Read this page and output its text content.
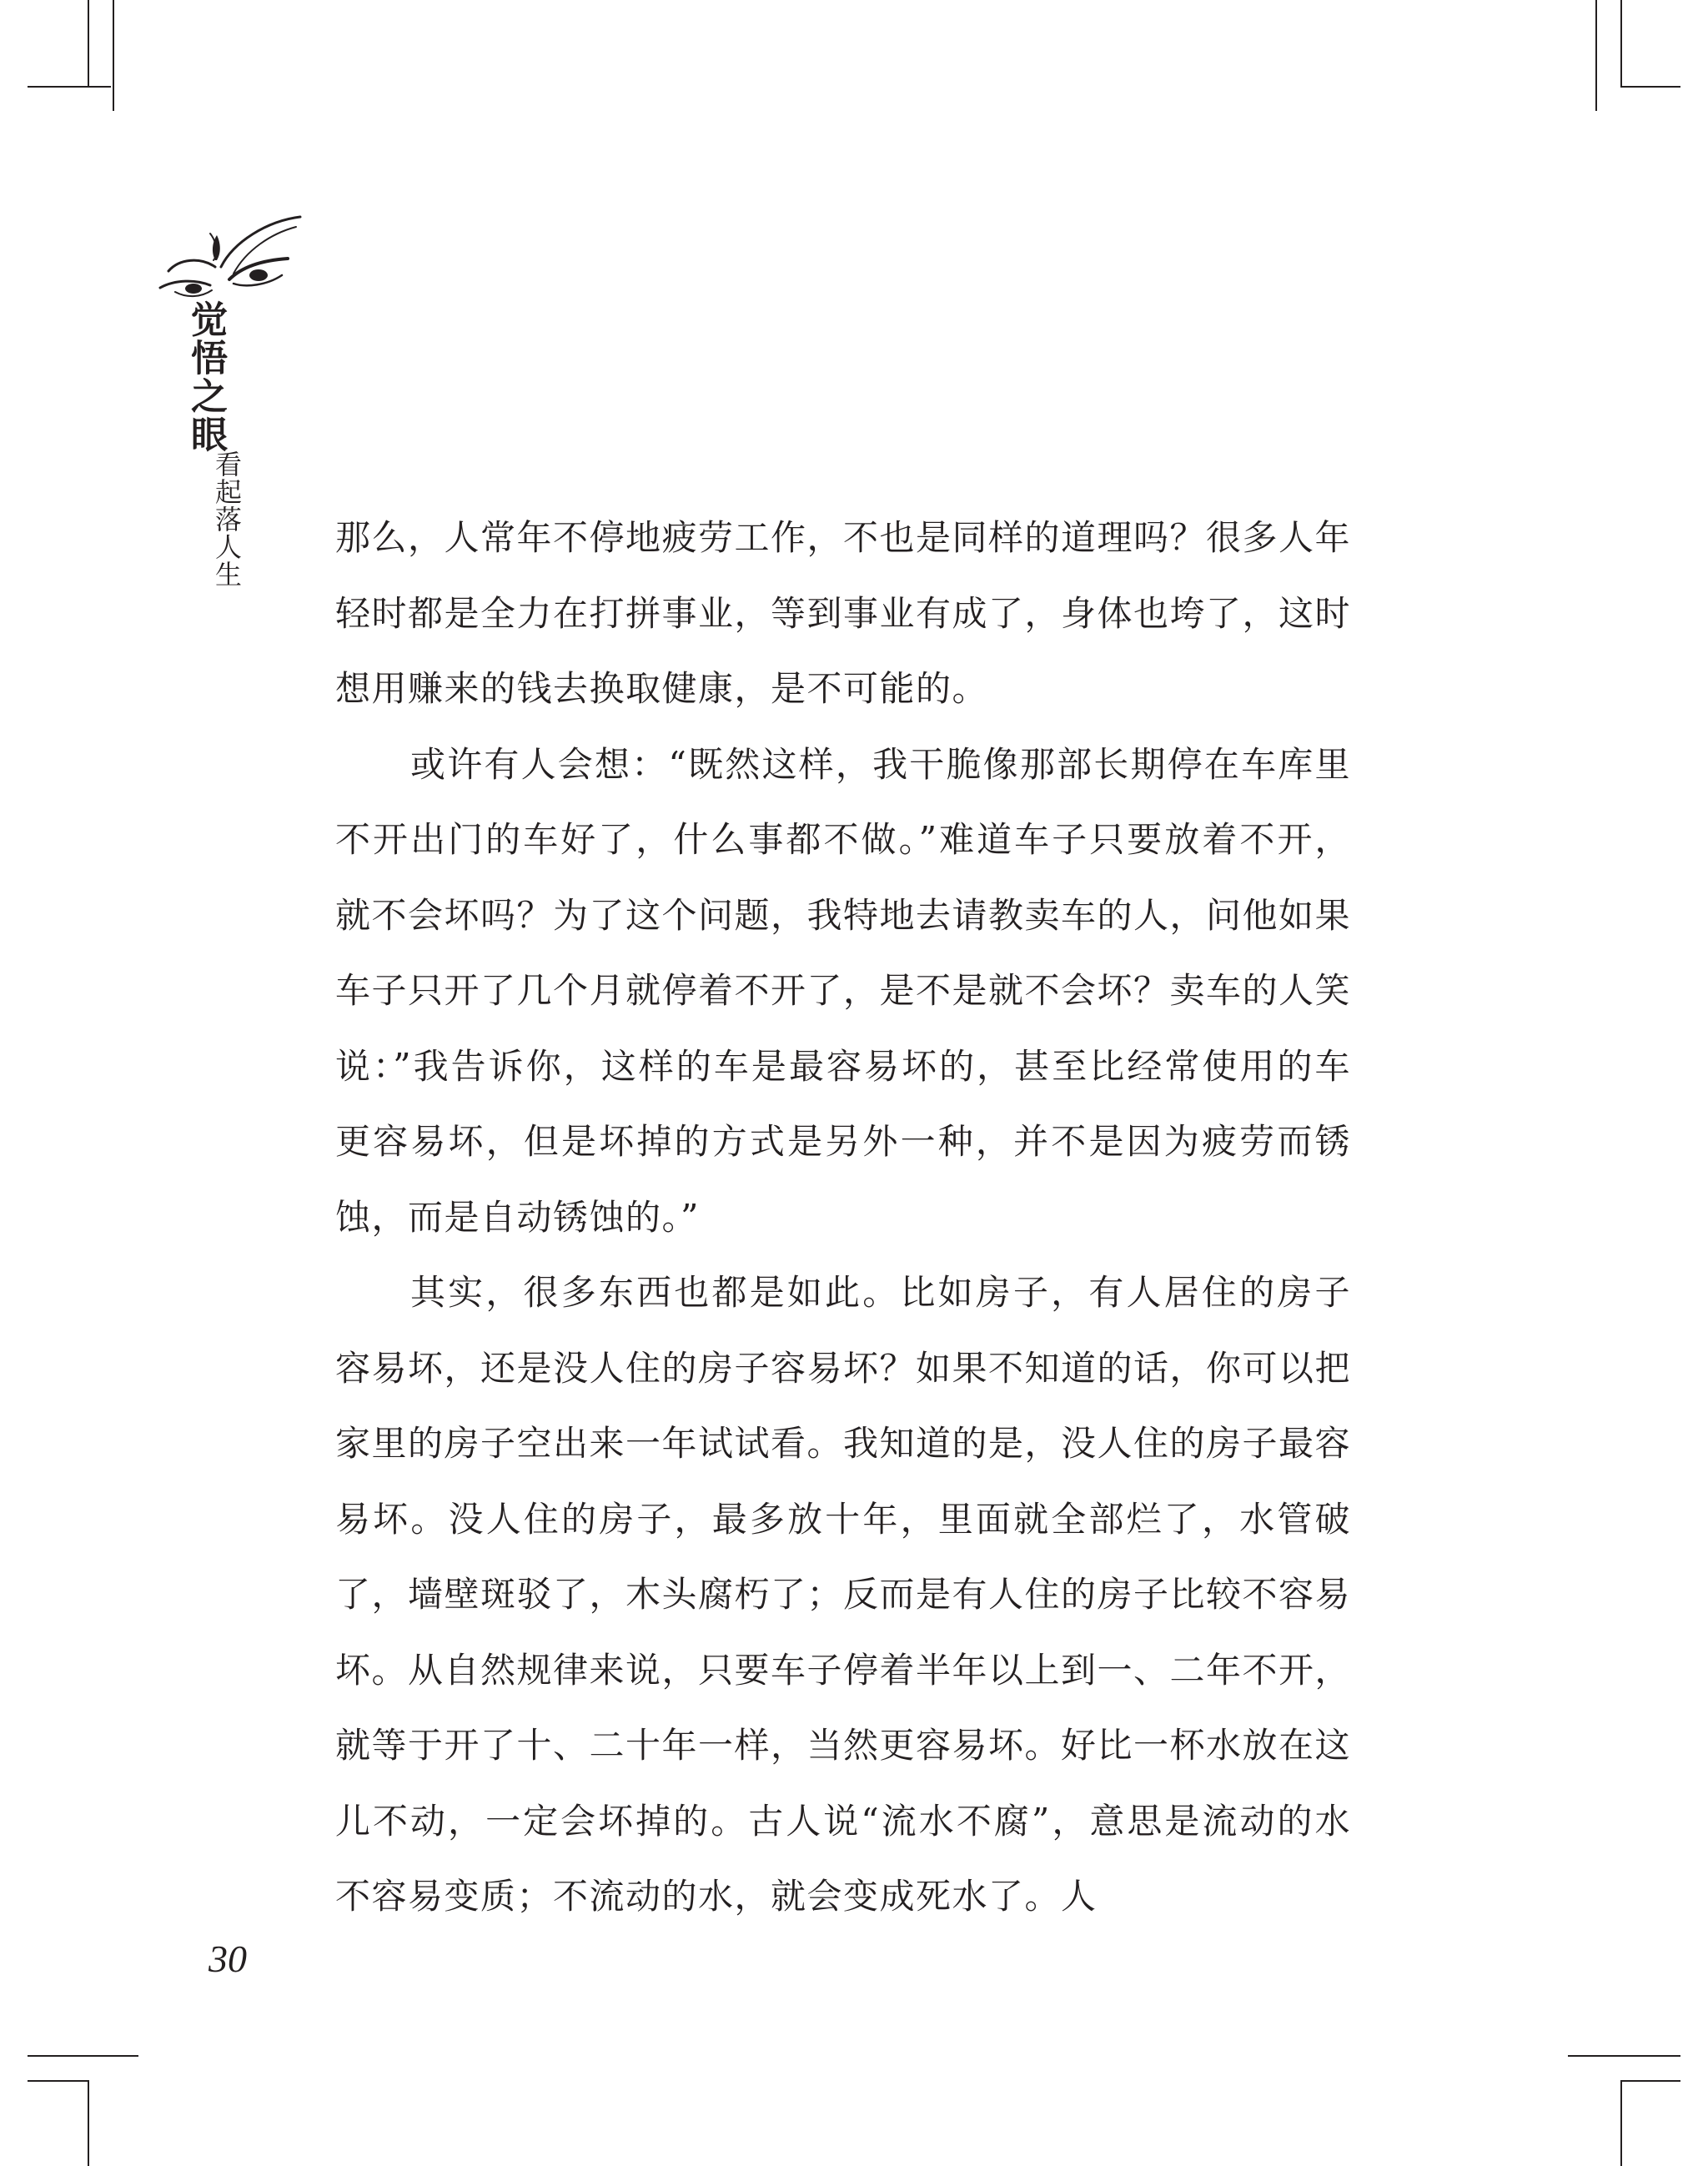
觉悟之眼
看起落人生	那么，人常年不停地疲劳工作，不也是同样的道理吗？很多人年轻时都是全力在打拼事业，等到事业有成了，身体也垮了，这时想用赚来的钱去换取健康，是不可能的。

或许有人会想：“既然这样，我干脆像那部长期停在车库里不开出门的车好了，什么事都不做。”难道车子只要放着不开，就不会坏吗？为了这个问题，我特地去请教卖车的人，问他如果车子只开了几个月就停着不开了，是不是就不会坏？卖车的人笑说：”我告诉你，这样的车是最容易坏的，甚至比经常使用的车更容易坏，但是坏掉的方式是另外一种，并不是因为疲劳而锈蚀，而是自动锈蚀的。”

其实，很多东西也都是如此。比如房子，有人居住的房子容易坏，还是没人住的房子容易坏？如果不知道的话，你可以把家里的房子空出来一年试试看。我知道的是，没人住的房子最容易坏。没人住的房子，最多放十年，里面就全部烂了，水管破了，墙壁斑驳了，木头腐朽了；反而是有人住的房子比较不容易坏。从自然规律来说，只要车子停着半年以上到一、二年不开，就等于开了十、二十年一样，当然更容易坏。好比一杯水放在这儿不动，一定会坏掉的。古人说“流水不腐”，意思是流动的水不容易变质；不流动的水，就会变成死水了。人

30
